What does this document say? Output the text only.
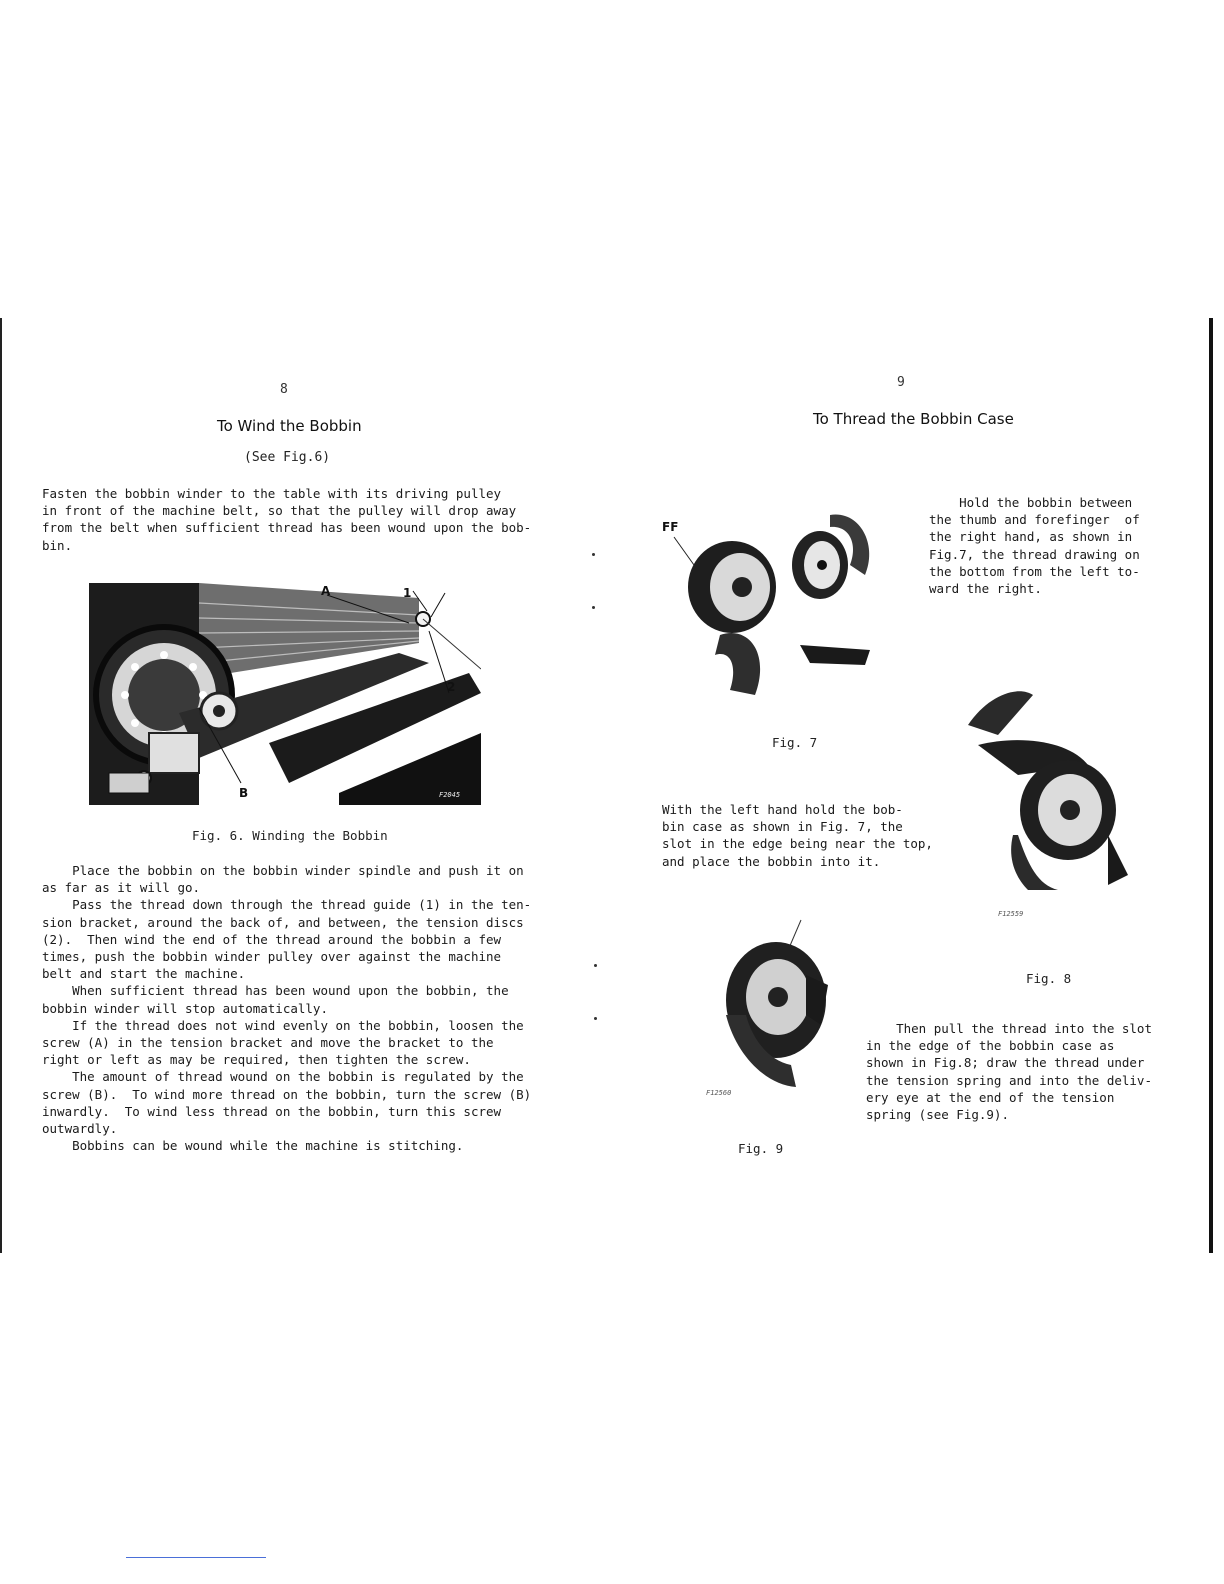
8
To Wind the Bobbin
(See Fig.6)
Fasten the bobbin winder to the table with its driving pulley
in front of the machine belt, so that the pulley will drop away
from the belt when sufficient thread has been wound upon the bob-
bin.
A	1
2
B	F2045
Fig. 6. Winding the Bobbin
Place the bobbin on the bobbin winder spindle and push it on
as far as it will go.
Pass the thread down through the thread guide (1) in the ten-
sion bracket, around the back of, and between, the tension discs
(2).  Then wind the end of the thread around the bobbin a few
times, push the bobbin winder pulley over against the machine
belt and start the machine.
When sufficient thread has been wound upon the bobbin, the
bobbin winder will stop automatically.
If the thread does not wind evenly on the bobbin, loosen the
screw (A) in the tension bracket and move the bracket to the
right or left as may be required, then tighten the screw.
The amount of thread wound on the bobbin is regulated by the
screw (B).  To wind more thread on the bobbin, turn the screw (B)
inwardly.  To wind less thread on the bobbin, turn this screw
outwardly.
Bobbins can be wound while the machine is stitching.
9
To Thread the Bobbin Case
FF
Fig. 7
Hold the bobbin between
the thumb and forefinger  of
the right hand, as shown in
Fig.7, the thread drawing on
the bottom from the left to-
ward the right.
With the left hand hold the bob-
bin case as shown in Fig. 7, the
slot in the edge being near the top,
and place the bobbin into it.
F12559
Fig. 8
Then pull the thread into the slot
in the edge of the bobbin case as
shown in Fig.8; draw the thread under
the tension spring and into the deliv-
ery eye at the end of the tension
spring (see Fig.9).
F12560
Fig. 9
